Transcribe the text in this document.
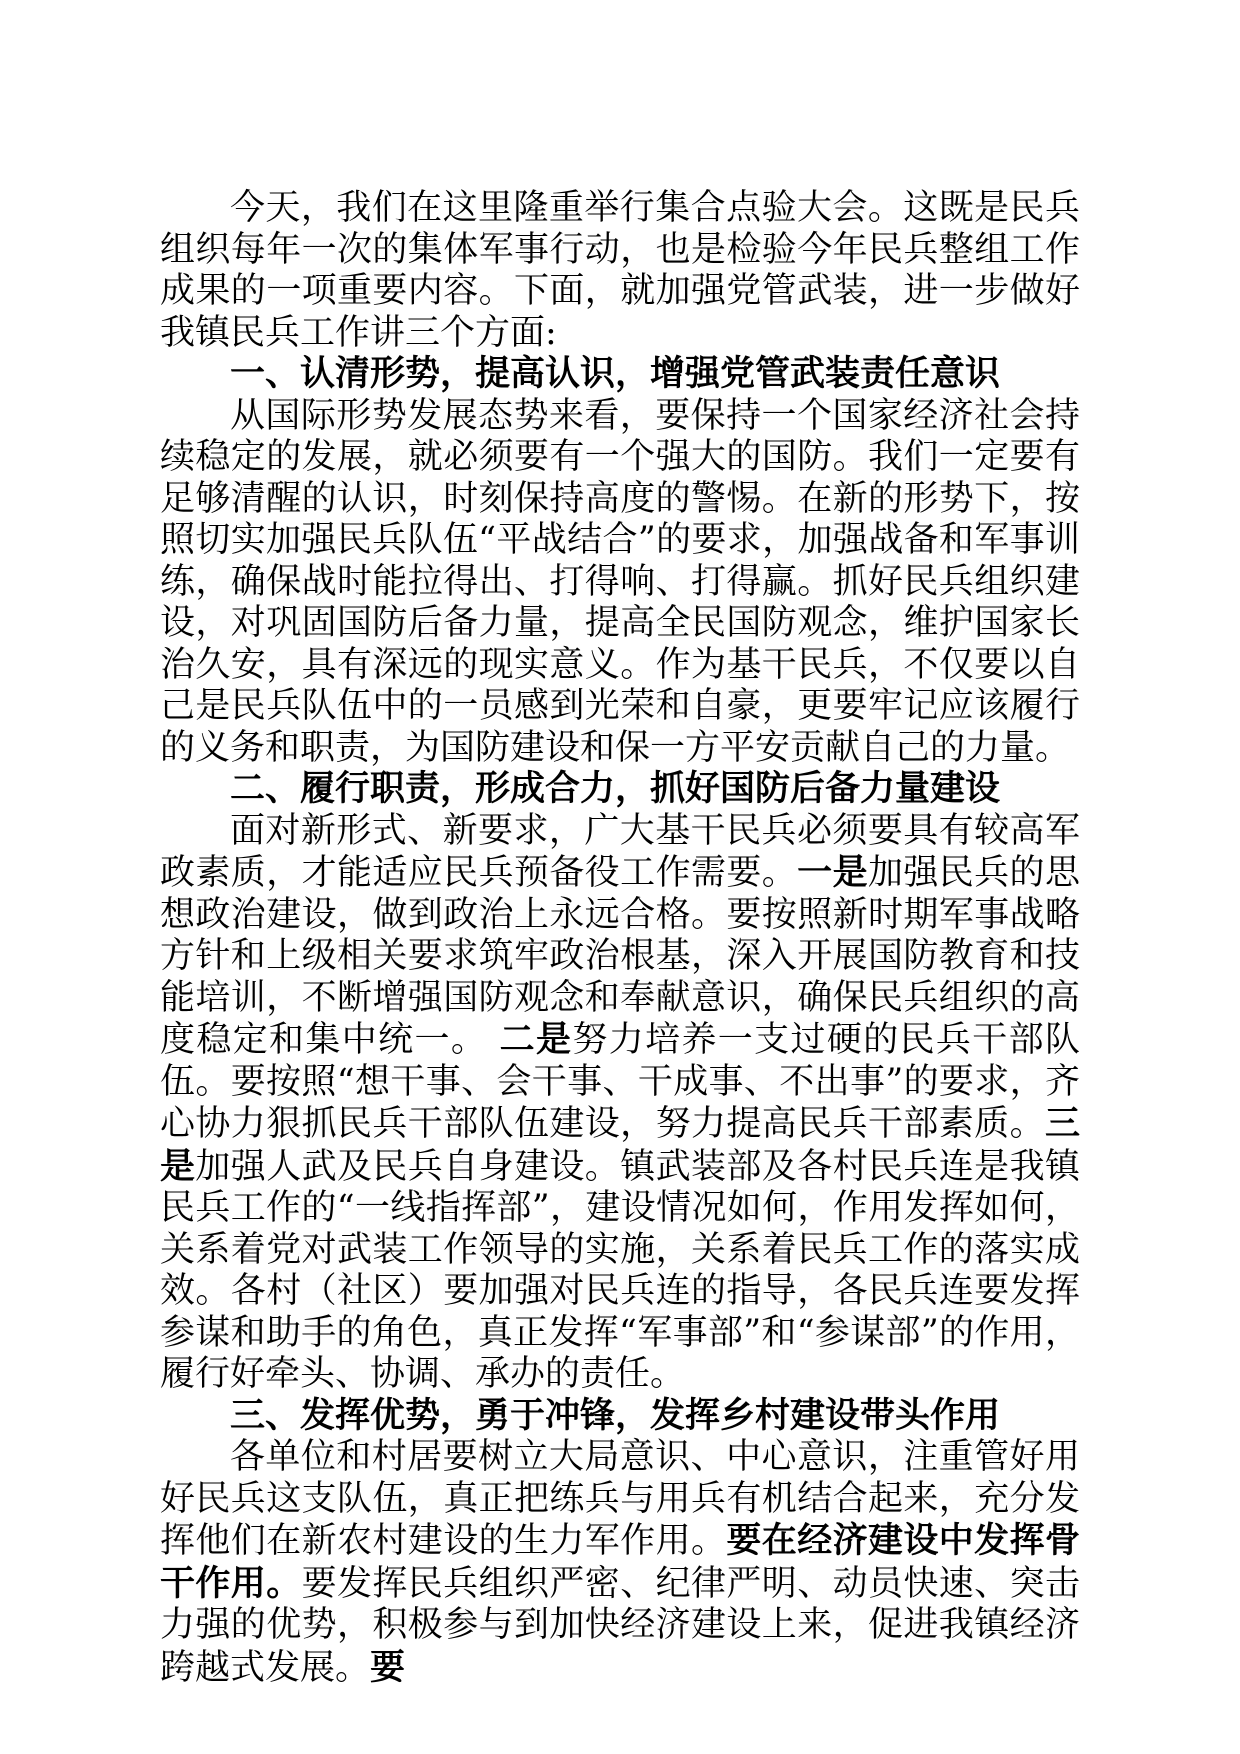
今天，我们在这里隆重举行集合点验大会。这既是民兵组织每年一次的集体军事行动，也是检验今年民兵整组工作成果的一项重要内容。下面，就加强党管武装，进一步做好我镇民兵工作讲三个方面:

一、认清形势，提高认识，增强党管武装责任意识

从国际形势发展态势来看，要保持一个国家经济社会持续稳定的发展，就必须要有一个强大的国防。我们一定要有足够清醒的认识，时刻保持高度的警惕。在新的形势下，按照切实加强民兵队伍“平战结合”的要求，加强战备和军事训练，确保战时能拉得出、打得响、打得赢。抓好民兵组织建设，对巩固国防后备力量，提高全民国防观念，维护国家长治久安，具有深远的现实意义。作为基干民兵，不仅要以自己是民兵队伍中的一员感到光荣和自豪，更要牢记应该履行的义务和职责，为国防建设和保一方平安贡献自己的力量。

二、履行职责，形成合力，抓好国防后备力量建设

面对新形式、新要求，广大基干民兵必须要具有较高军政素质，才能适应民兵预备役工作需要。一是加强民兵的思想政治建设，做到政治上永远合格。要按照新时期军事战略方针和上级相关要求筑牢政治根基，深入开展国防教育和技能培训，不断增强国防观念和奉献意识，确保民兵组织的高度稳定和集中统一。 二是努力培养一支过硬的民兵干部队伍。要按照“想干事、会干事、干成事、不出事”的要求，齐心协力狠抓民兵干部队伍建设，努力提高民兵干部素质。三是加强人武及民兵自身建设。镇武装部及各村民兵连是我镇民兵工作的“一线指挥部”，建设情况如何，作用发挥如何，关系着党对武装工作领导的实施，关系着民兵工作的落实成效。各村（社区）要加强对民兵连的指导，各民兵连要发挥参谋和助手的角色，真正发挥“军事部”和“参谋部”的作用，履行好牵头、协调、承办的责任。

三、发挥优势，勇于冲锋，发挥乡村建设带头作用

各单位和村居要树立大局意识、中心意识，注重管好用好民兵这支队伍，真正把练兵与用兵有机结合起来，充分发挥他们在新农村建设的生力军作用。要在经济建设中发挥骨干作用。要发挥民兵组织严密、纪律严明、动员快速、突击力强的优势，积极参与到加快经济建设上来，促进我镇经济跨越式发展。要
